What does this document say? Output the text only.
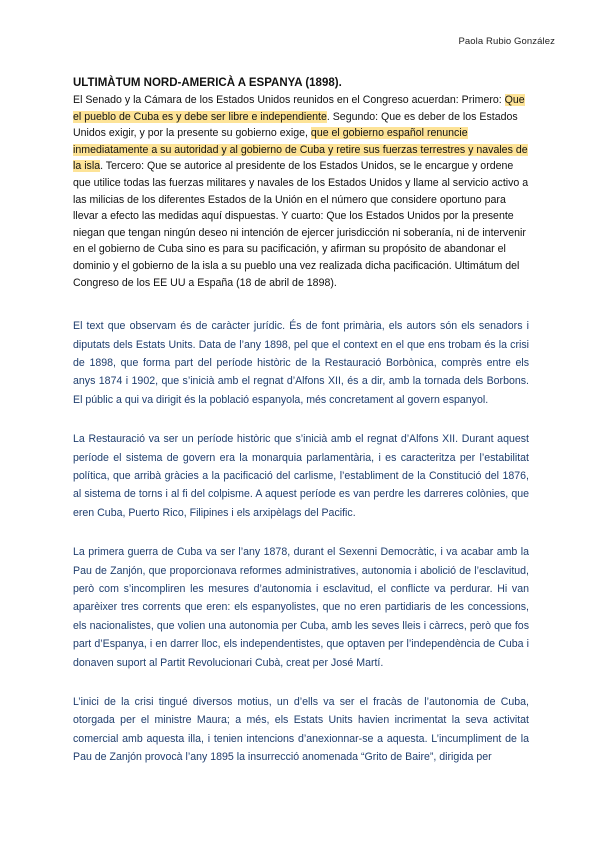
Paola Rubio González
ULTIMÀTUM NORD-AMERICÀ A ESPANYA (1898).

El Senado y la Cámara de los Estados Unidos reunidos en el Congreso acuerdan: Primero: Que el pueblo de Cuba es y debe ser libre e independiente. Segundo: Que es deber de los Estados Unidos exigir, y por la presente su gobierno exige, que el gobierno español renuncie inmediatamente a su autoridad y al gobierno de Cuba y retire sus fuerzas terrestres y navales de la isla. Tercero: Que se autorice al presidente de los Estados Unidos, se le encargue y ordene que utilice todas las fuerzas militares y navales de los Estados Unidos y llame al servicio activo a las milicias de los diferentes Estados de la Unión en el número que considere oportuno para llevar a efecto las medidas aquí dispuestas. Y cuarto: Que los Estados Unidos por la presente niegan que tengan ningún deseo ni intención de ejercer jurisdicción ni soberanía, ni de intervenir en el gobierno de Cuba sino es para su pacificación, y afirman su propósito de abandonar el dominio y el gobierno de la isla a su pueblo una vez realizada dicha pacificación. Ultimátum del Congreso de los EE UU a España (18 de abril de 1898).

El text que observam és de caràcter jurídic. És de font primària, els autors són els senadors i diputats dels Estats Units. Data de l’any 1898, pel que el context en el que ens trobam és la crisi de 1898, que forma part del període històric de la Restauració Borbònica, comprès entre els anys 1874 i 1902, que s’inicià amb el regnat d’Alfons XII, és a dir, amb la tornada dels Borbons. El públic a qui va dirigit és la població espanyola, més concretament al govern espanyol.

La Restauració va ser un període històric que s’inicià amb el regnat d’Alfons XII. Durant aquest període el sistema de govern era la monarquia parlamentària, i es caracteritza per l’estabilitat política, que arribà gràcies a la pacificació del carlisme, l’establiment de la Constitució del 1876, al sistema de torns i al fi del colpisme. A aquest període es van perdre les darreres colònies, que eren Cuba, Puerto Rico, Filipines i els arxipèlags del Pacific.

La primera guerra de Cuba va ser l’any 1878, durant el Sexenni Democràtic, i va acabar amb la Pau de Zanjón, que proporcionava reformes administratives, autonomia i abolició de l’esclavitud, però com s’incompliren les mesures d’autonomia i esclavitud, el conflicte va perdurar. Hi van aparèixer tres corrents que eren: els espanyolistes, que no eren partidiaris de les concessions, els nacionalistes, que volien una autonomia per Cuba, amb les seves lleis i càrrecs, però que fos part d’Espanya, i en darrer lloc, els independentistes, que optaven per l’independència de Cuba i donaven suport al Partit Revolucionari Cubà, creat per José Martí.

L’inici de la crisi tingué diversos motius, un d’ells va ser el fracàs de l’autonomia de Cuba, otorgada per el ministre Maura; a més, els Estats Units havien incrimentat la seva activitat comercial amb aquesta illa, i tenien intencions d’anexionnar-se a aquesta. L’incumpliment de la Pau de Zanjón provocà l’any 1895 la insurrecció anomenada “Grito de Baire”, dirigida per
